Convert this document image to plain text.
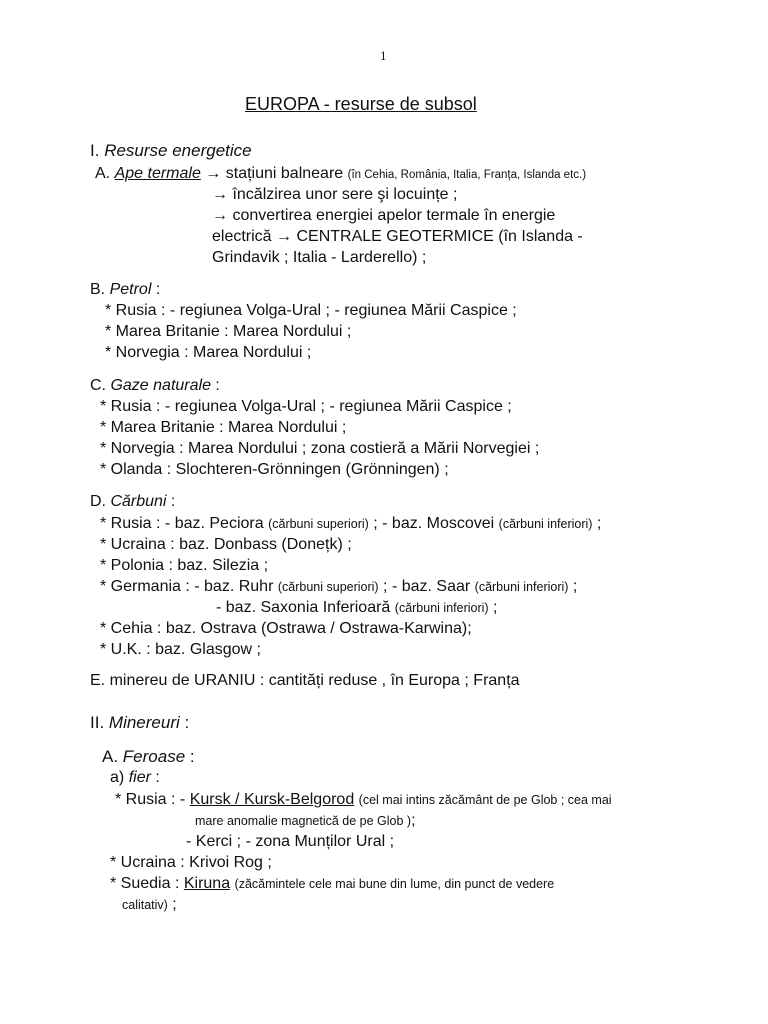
1
EUROPA - resurse de subsol
I. Resurse energetice
A. Ape termale → stațiuni balneare (în Cehia, România, Italia, Franța, Islanda etc.)
→ încălzirea unor sere şi locuințe ;
→ convertirea energiei apelor termale în energie
electrică → CENTRALE GEOTERMICE (în Islanda -
Grindavik ; Italia - Larderello) ;
B. Petrol :
* Rusia : - regiunea Volga-Ural ; - regiunea Mării Caspice ;
* Marea Britanie : Marea Nordului ;
* Norvegia : Marea Nordului ;
C. Gaze naturale :
* Rusia : - regiunea Volga-Ural ; - regiunea Mării Caspice ;
* Marea Britanie : Marea Nordului ;
* Norvegia : Marea Nordului ; zona costieră a Mării Norvegiei ;
* Olanda : Slochteren-Grönningen (Grönningen) ;
D. Cărbuni :
* Rusia : - baz. Peciora (cărbuni superiori) ; - baz. Moscovei (cărbuni inferiori) ;
* Ucraina : baz. Donbass (Donețk) ;
* Polonia : baz. Silezia ;
* Germania : - baz. Ruhr (cărbuni superiori) ; - baz. Saar (cărbuni inferiori) ;
- baz. Saxonia Inferioară (cărbuni inferiori) ;
* Cehia : baz. Ostrava (Ostrawa / Ostrawa-Karwina);
* U.K. : baz. Glasgow ;
E. minereu de URANIU : cantități reduse , în Europa ; Franța
II. Minereuri :
A. Feroase :
a) fier :
* Rusia : - Kursk / Kursk-Belgorod (cel mai intins zăcământ de pe Glob ; cea mai
mare anomalie magnetică de pe Glob );
- Kerci ; - zona Munților Ural ;
* Ucraina : Krivoi Rog ;
* Suedia : Kiruna (zăcămintele cele mai bune din lume, din punct de vedere
calitativ) ;
